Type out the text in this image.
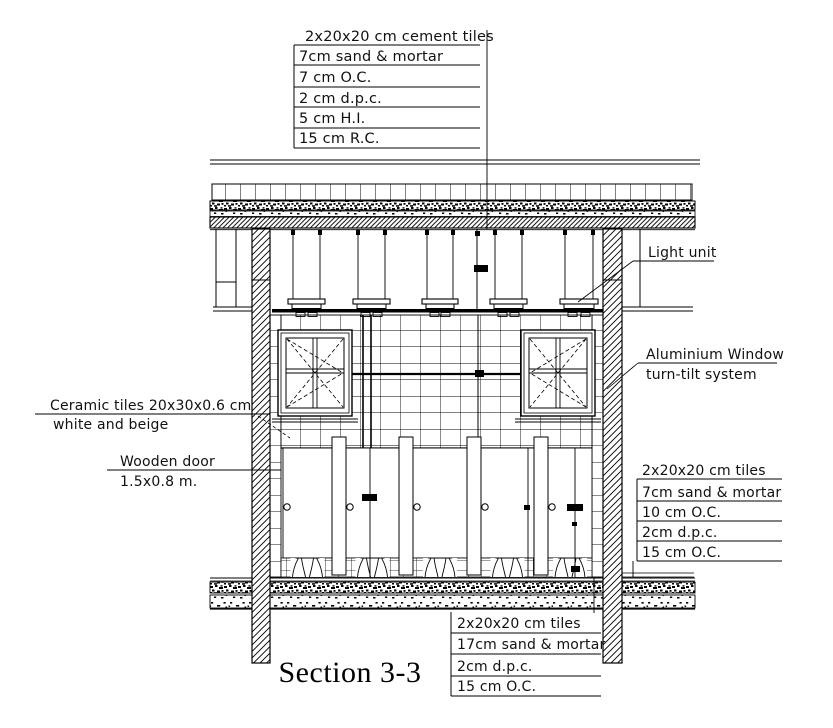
2x20x20 cm cement tiles
7cm sand & mortar
7 cm O.C.
2 cm d.p.c.
5 cm H.I.
15 cm R.C.
2x20x20 cm tiles
7cm sand & mortar
10 cm O.C.
2cm d.p.c.
15 cm O.C.
2x20x20 cm tiles
17cm sand & mortar
2cm d.p.c.
15 cm O.C.
Light unit
Aluminium Window
turn-tilt system
Ceramic tiles 20x30x0.6 cm
white and beige
Wooden door
1.5x0.8 m.
Section 3-3
